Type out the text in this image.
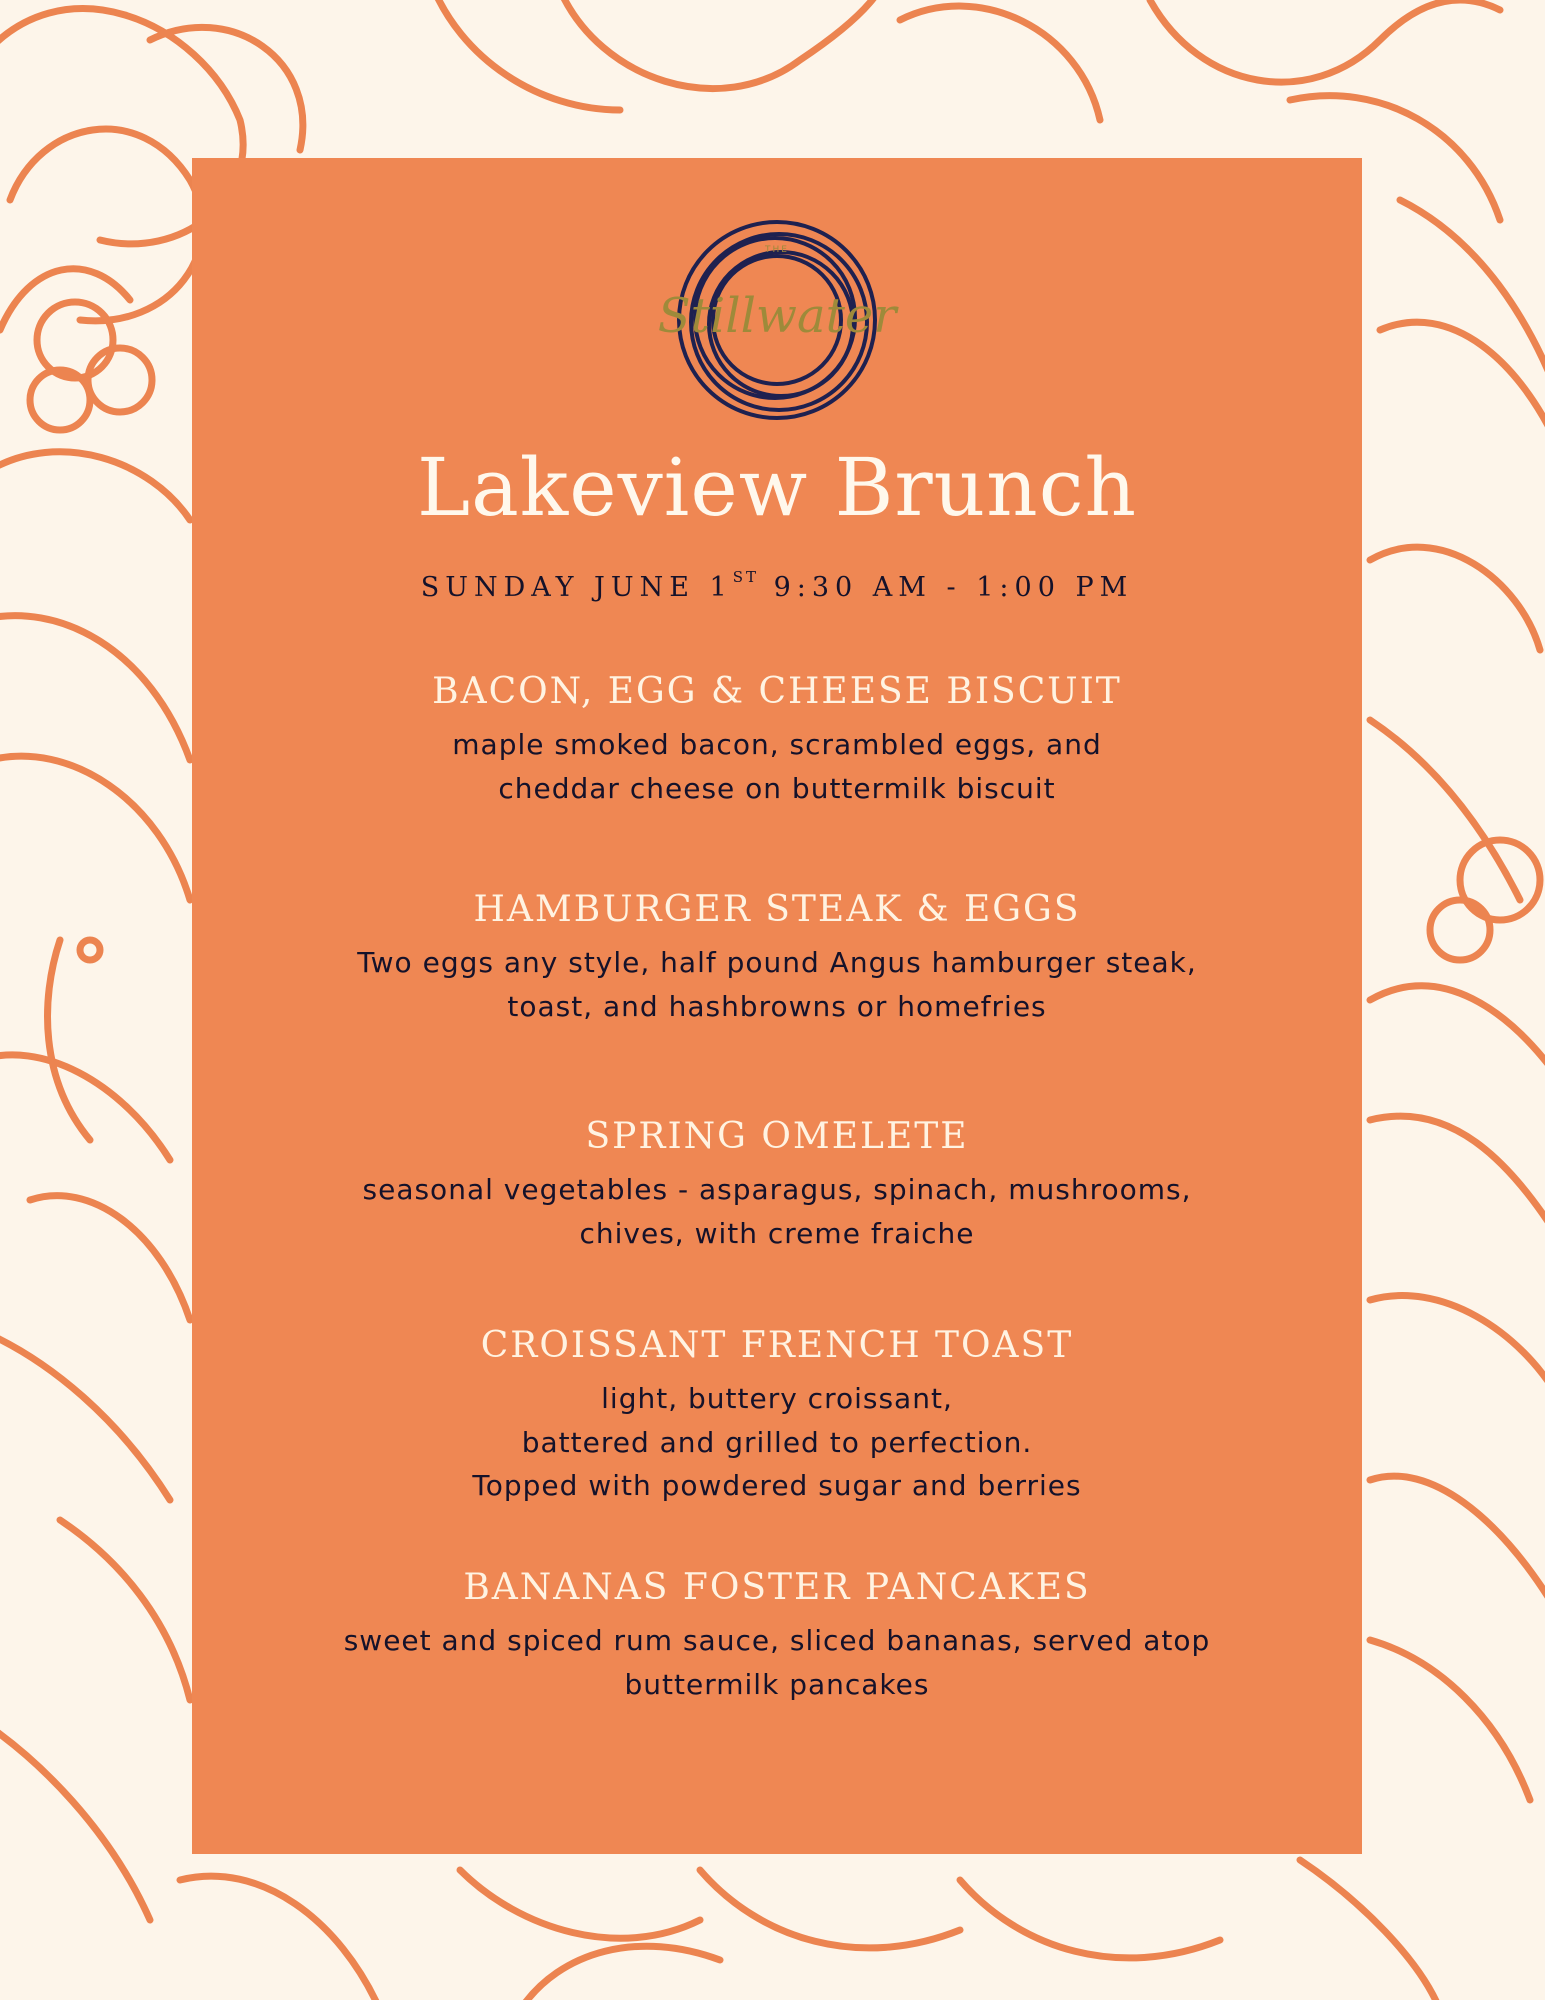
THE
Stillwater
Lakeview Brunch
SUNDAY JUNE 1ST 9:30 AM - 1:00 PM
BACON, EGG & CHEESE BISCUIT

maple smoked bacon, scrambled eggs, and
cheddar cheese on buttermilk biscuit

HAMBURGER STEAK & EGGS

Two eggs any style, half pound Angus hamburger steak,
toast, and hashbrowns or homefries

SPRING OMELETE

seasonal vegetables - asparagus, spinach, mushrooms,
chives, with creme fraiche

CROISSANT FRENCH TOAST

light, buttery croissant,
battered and grilled to perfection.
Topped with powdered sugar and berries

BANANAS FOSTER PANCAKES

sweet and spiced rum sauce, sliced bananas, served atop
buttermilk pancakes
